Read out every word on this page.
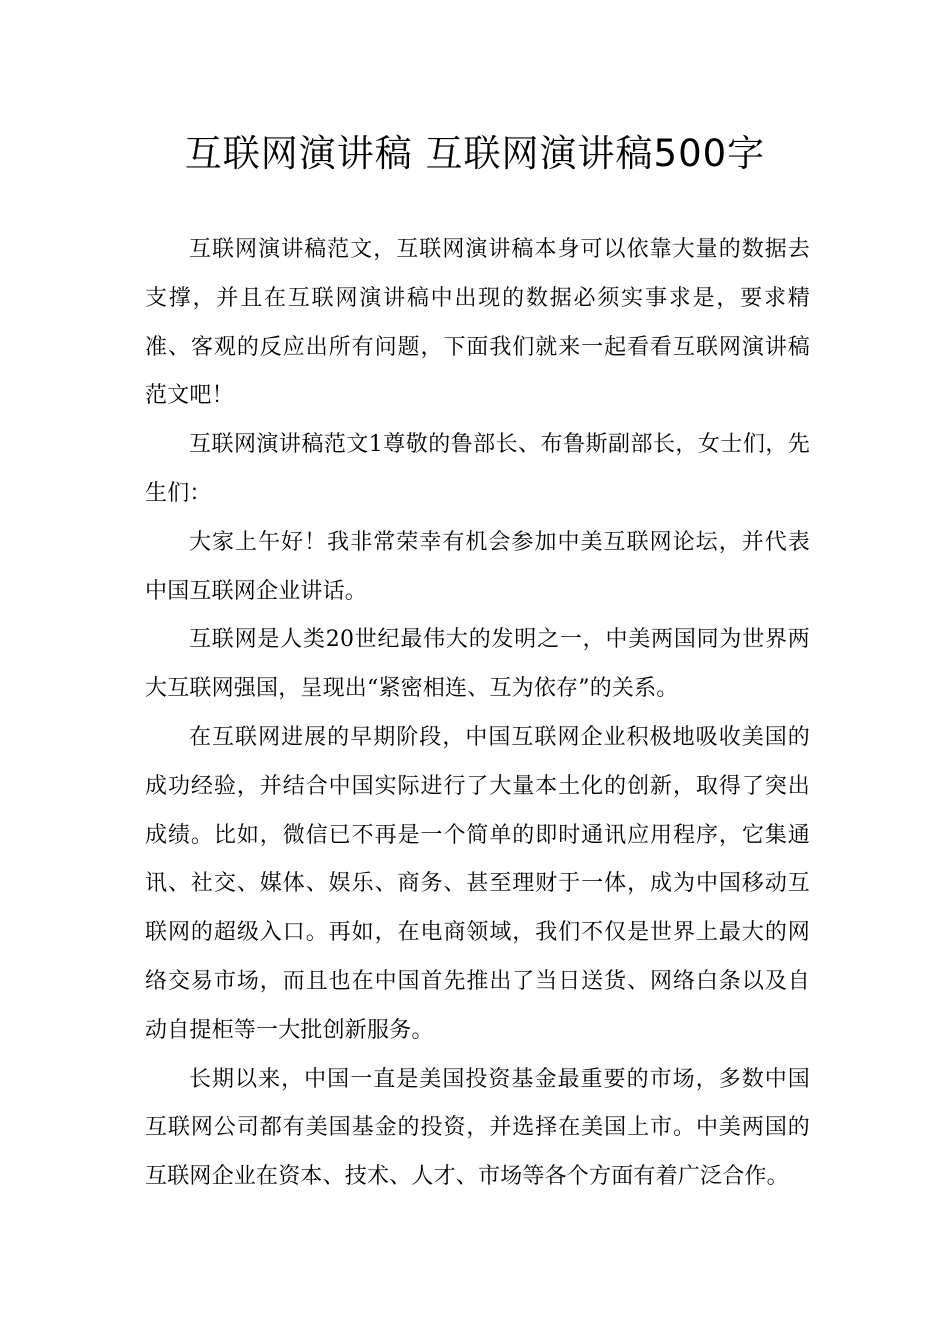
互联网演讲稿 互联网演讲稿500字

互联网演讲稿范文，互联网演讲稿本身可以依靠大量的数据去支撑，并且在互联网演讲稿中出现的数据必须实事求是，要求精准、客观的反应出所有问题，下面我们就来一起看看互联网演讲稿范文吧！

互联网演讲稿范文1尊敬的鲁部长、布鲁斯副部长，女士们，先生们：

大家上午好！我非常荣幸有机会参加中美互联网论坛，并代表中国互联网企业讲话。

互联网是人类20世纪最伟大的发明之一，中美两国同为世界两大互联网强国，呈现出“紧密相连、互为依存”的关系。

在互联网进展的早期阶段，中国互联网企业积极地吸收美国的成功经验，并结合中国实际进行了大量本土化的创新，取得了突出成绩。比如，微信已不再是一个简单的即时通讯应用程序，它集通讯、社交、媒体、娱乐、商务、甚至理财于一体，成为中国移动互联网的超级入口。再如，在电商领域，我们不仅是世界上最大的网络交易市场，而且也在中国首先推出了当日送货、网络白条以及自动自提柜等一大批创新服务。

长期以来，中国一直是美国投资基金最重要的市场，多数中国互联网公司都有美国基金的投资，并选择在美国上市。中美两国的互联网企业在资本、技术、人才、市场等各个方面有着广泛合作。
